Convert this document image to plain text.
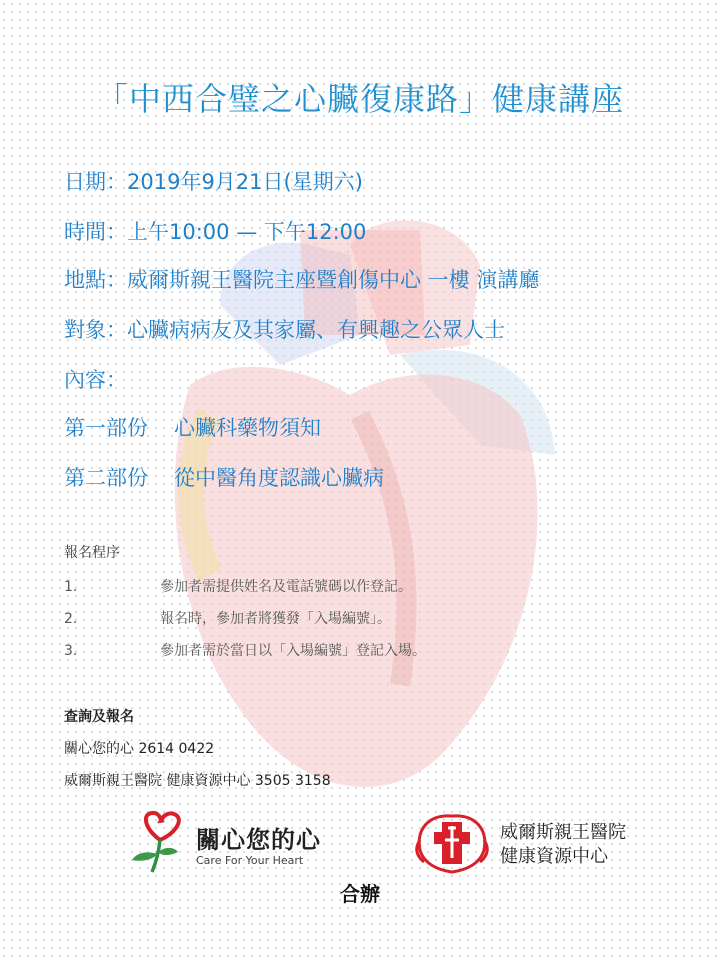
「中西合璧之心臟復康路」健康講座
日期：2019年9月21日(星期六)
時間：上午10:00 — 下午12:00
地點：威爾斯親王醫院主座暨創傷中心 一樓 演講廳
對象：心臟病病友及其家屬、有興趣之公眾人士
內容：
第一部份 心臟科藥物須知
第二部份 從中醫角度認識心臟病
報名程序
1.	參加者需提供姓名及電話號碼以作登記。
2.	報名時，參加者將獲發「入場編號」。
3.	參加者需於當日以「入場編號」登記入場。
查詢及報名
關心您的心 2614 0422
威爾斯親王醫院 健康資源中心 3505 3158
關心您的心
Care For Your Heart
威爾斯親王醫院
健康資源中心
合辦
